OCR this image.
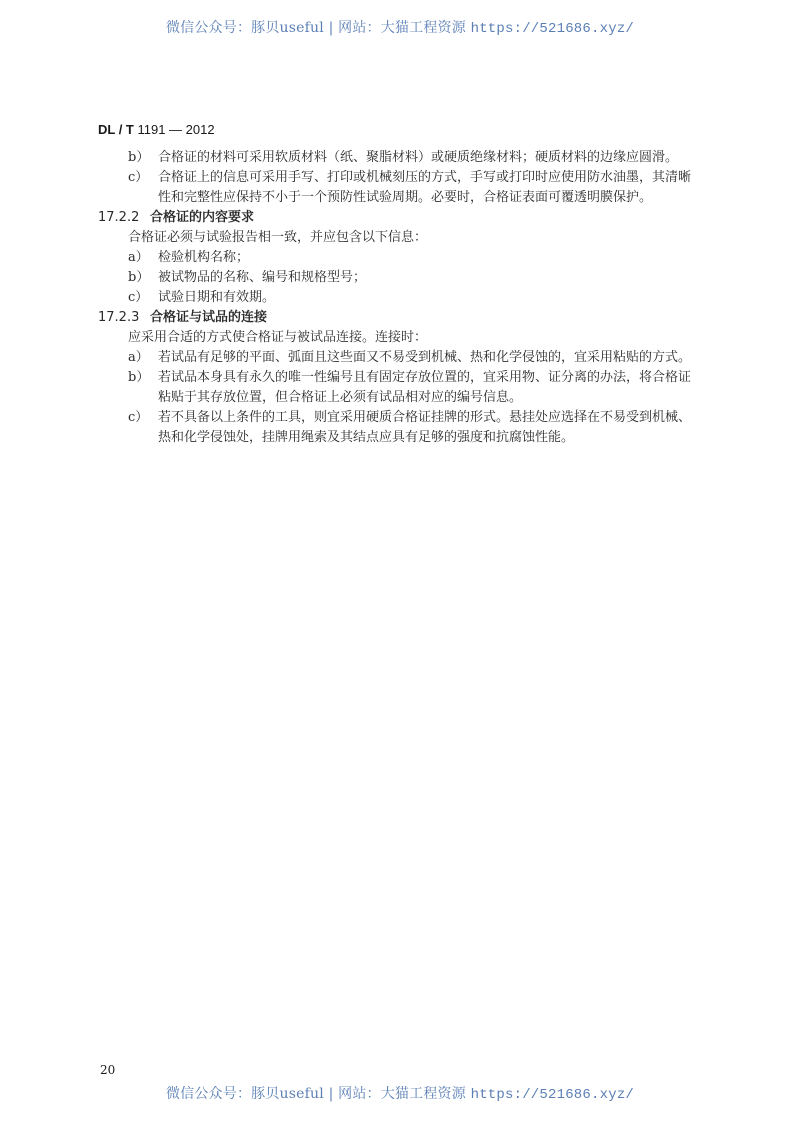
微信公众号：豚贝useful | 网站：大猫工程资源 https://521686.xyz/
DL / T 1191 — 2012
b） 合格证的材料可采用软质材料（纸、聚脂材料）或硬质绝缘材料；硬质材料的边缘应圆滑。
c） 合格证上的信息可采用手写、打印或机械刻压的方式，手写或打印时应使用防水油墨，其清晰
性和完整性应保持不小于一个预防性试验周期。必要时，合格证表面可覆透明膜保护。
17.2.2 合格证的内容要求
合格证必须与试验报告相一致，并应包含以下信息：
a） 检验机构名称；
b） 被试物品的名称、编号和规格型号；
c） 试验日期和有效期。
17.2.3 合格证与试品的连接
应采用合适的方式使合格证与被试品连接。连接时：
a） 若试品有足够的平面、弧面且这些面又不易受到机械、热和化学侵蚀的，宜采用粘贴的方式。
b） 若试品本身具有永久的唯一性编号且有固定存放位置的，宜采用物、证分离的办法，将合格证
粘贴于其存放位置，但合格证上必须有试品相对应的编号信息。
c） 若不具备以上条件的工具，则宜采用硬质合格证挂牌的形式。悬挂处应选择在不易受到机械、
热和化学侵蚀处，挂牌用绳索及其结点应具有足够的强度和抗腐蚀性能。
20
微信公众号：豚贝useful | 网站：大猫工程资源 https://521686.xyz/
